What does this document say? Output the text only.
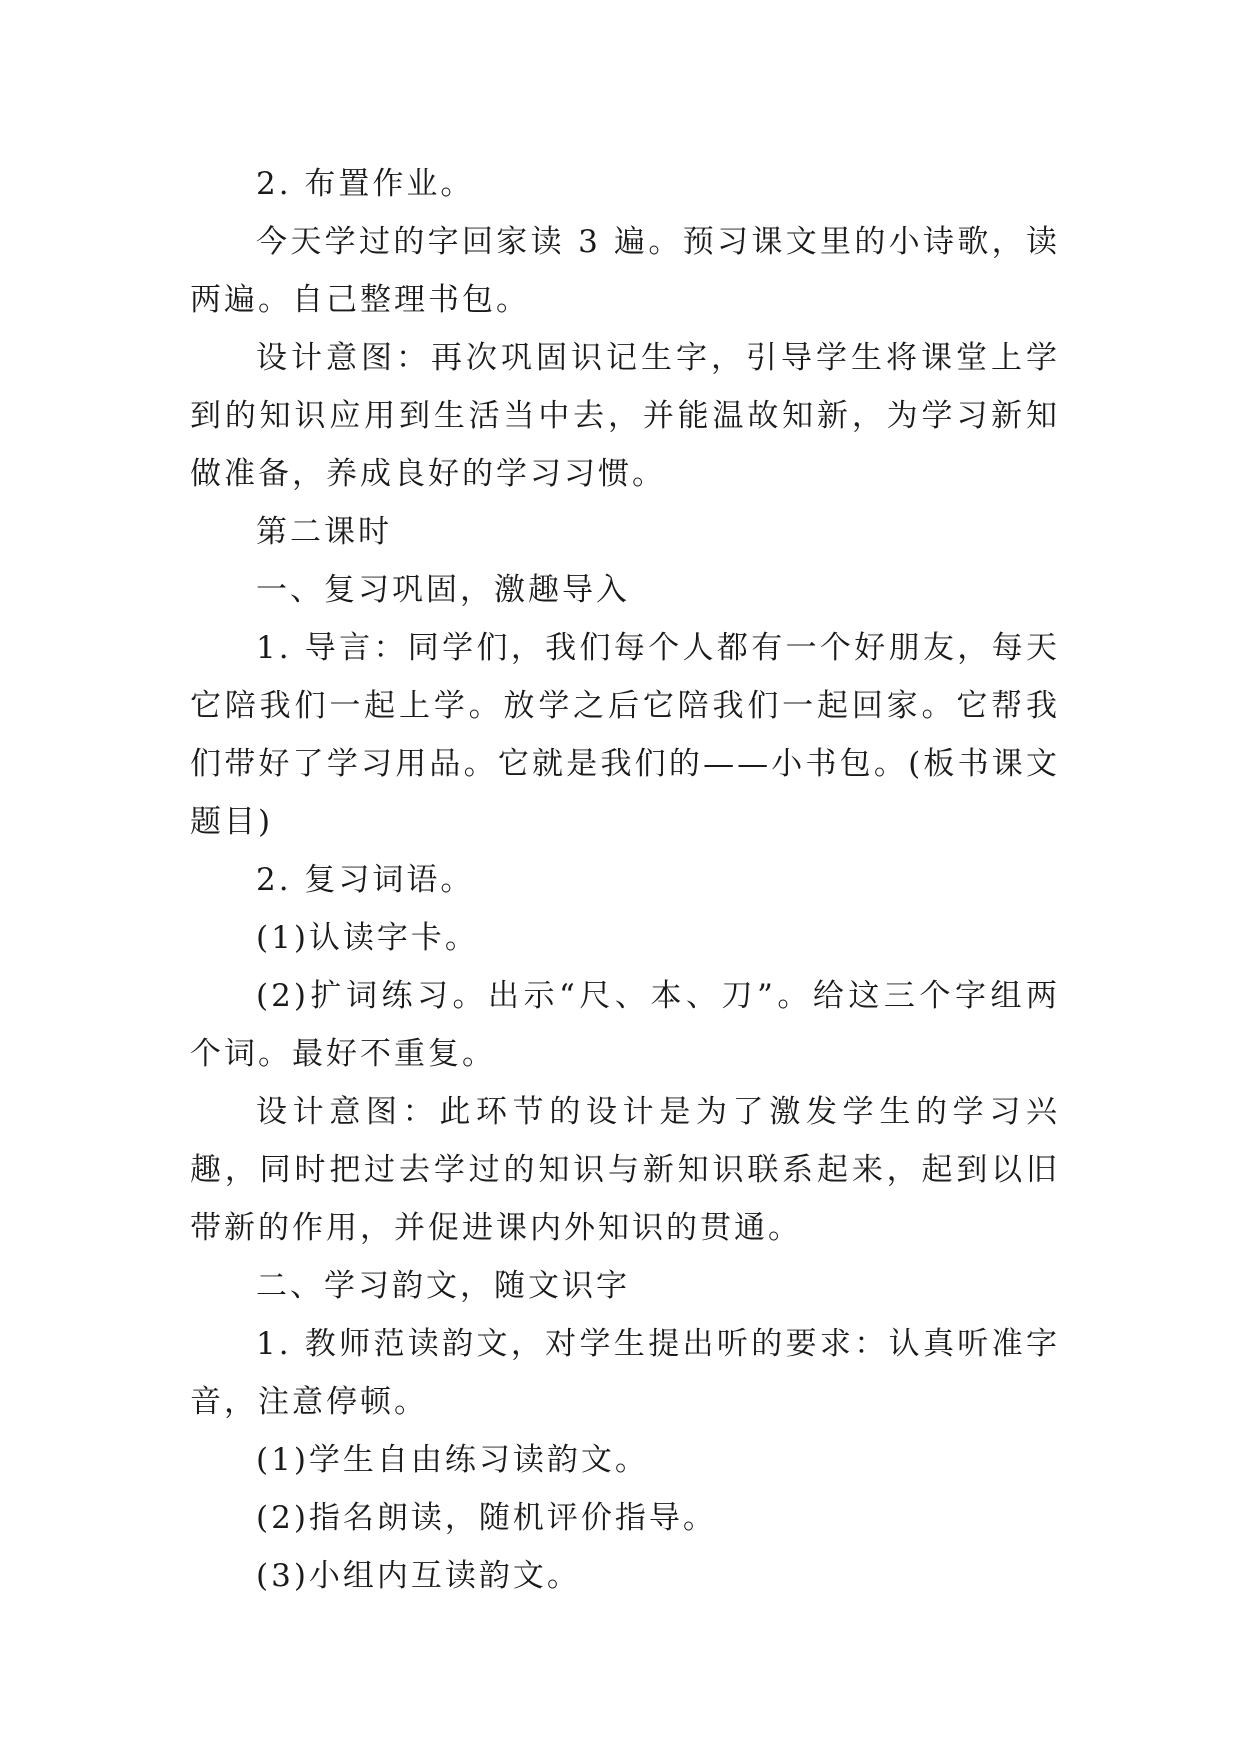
2. 布置作业。

今天学过的字回家读 3 遍。预习课文里的小诗歌，读两遍。自己整理书包。

设计意图：再次巩固识记生字，引导学生将课堂上学到的知识应用到生活当中去，并能温故知新，为学习新知做准备，养成良好的学习习惯。

第二课时

一、复习巩固，激趣导入

1. 导言：同学们，我们每个人都有一个好朋友，每天它陪我们一起上学。放学之后它陪我们一起回家。它帮我们带好了学习用品。它就是我们的——小书包。(板书课文题目)

2. 复习词语。

(1)认读字卡。

(2)扩词练习。出示“尺、本、刀”。给这三个字组两个词。最好不重复。

设计意图：此环节的设计是为了激发学生的学习兴趣，同时把过去学过的知识与新知识联系起来，起到以旧带新的作用，并促进课内外知识的贯通。

二、学习韵文，随文识字

1. 教师范读韵文，对学生提出听的要求：认真听准字音，注意停顿。

(1)学生自由练习读韵文。

(2)指名朗读，随机评价指导。

(3)小组内互读韵文。
